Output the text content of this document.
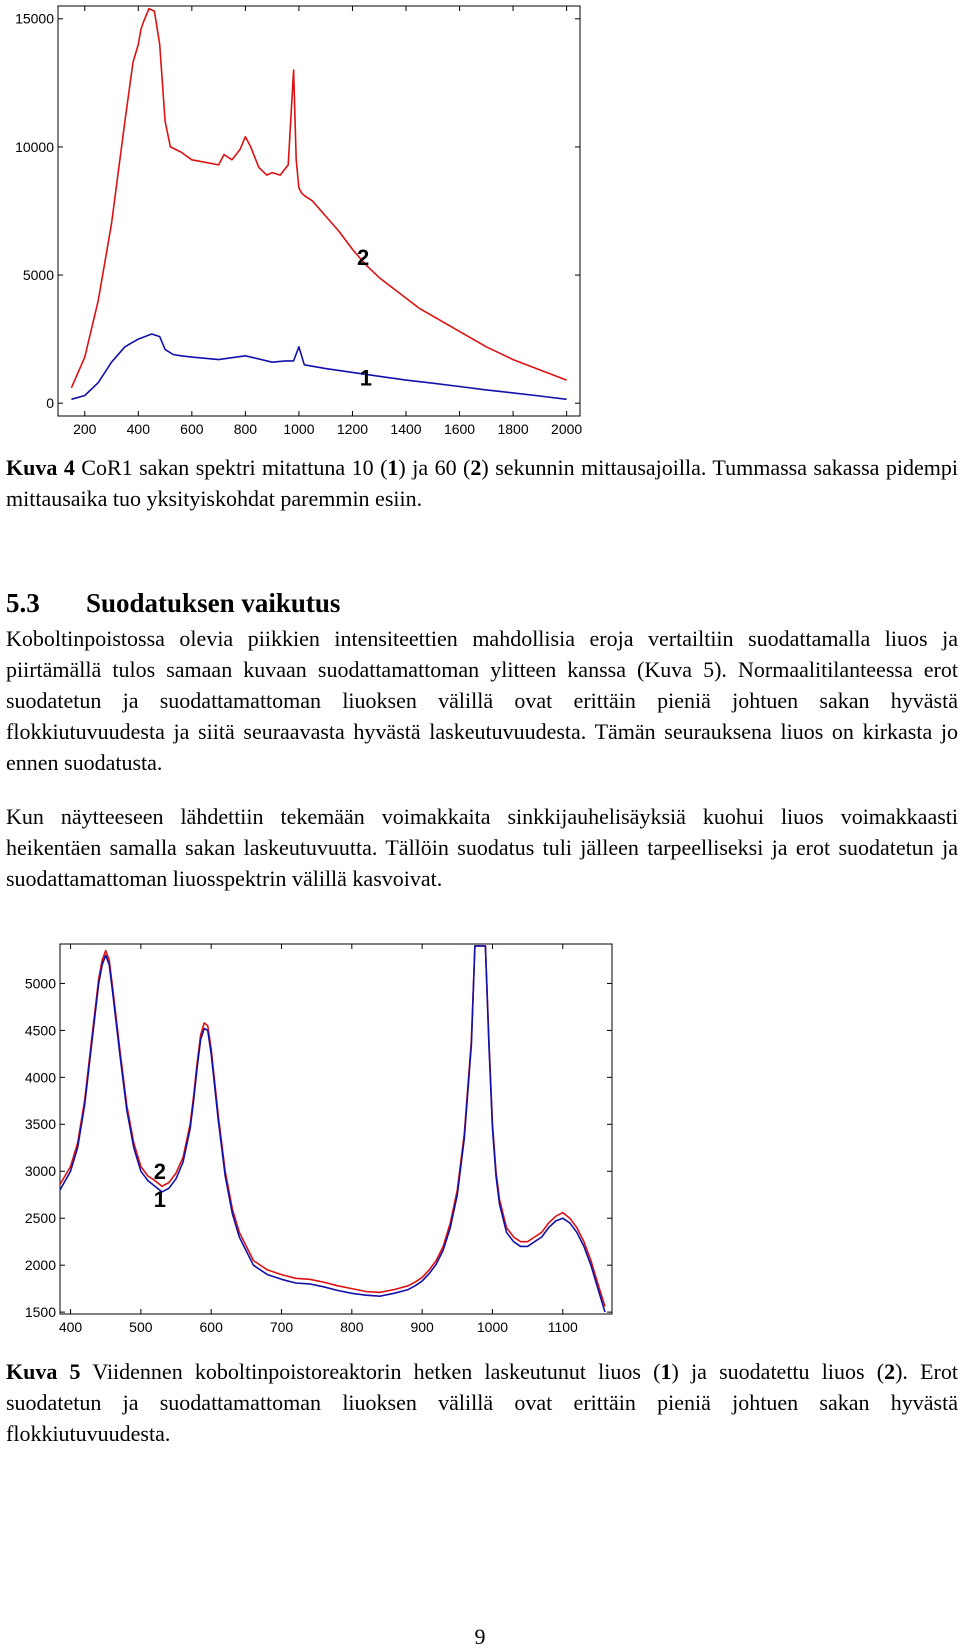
200 400 600 800 1000 1200 1400 1600 1800 2000
0
5000
10000
15000
2
1

Kuva 4 CoR1 sakan spektri mitattuna 10 (1) ja 60 (2) sekunnin mittausajoilla. Tummassa sakassa pidempi mittausaika tuo yksityiskohdat paremmin esiin.

5.3 Suodatuksen vaikutus

Koboltinpoistossa olevia piikkien intensiteettien mahdollisia eroja vertailtiin suodattamalla liuos ja piirtämällä tulos samaan kuvaan suodattamattoman ylitteen kanssa (Kuva 5). Normaalitilanteessa erot suodatetun ja suodattamattoman liuoksen välillä ovat erittäin pieniä johtuen sakan hyvästä flokkiutuvuudesta ja siitä seuraavasta hyvästä laskeutuvuudesta. Tämän seurauksena liuos on kirkasta jo ennen suodatusta.

Kun näytteeseen lähdettiin tekemään voimakkaita sinkkijauhelisäyksiä kuohui liuos voimakkaasti heikentäen samalla sakan laskeutuvuutta. Tällöin suodatus tuli jälleen tarpeelliseksi ja erot suodatetun ja suodattamattoman liuosspektrin välillä kasvoivat.

400	500	600	700	800	900	1000	1100
1500
2000
2500
3000
3500
4000
4500
5000
2
1

Kuva 5 Viidennen koboltinpoistoreaktorin hetken laskeutunut liuos (1) ja suodatettu liuos (2). Erot suodatetun ja suodattamattoman liuoksen välillä ovat erittäin pieniä johtuen sakan hyvästä flokkiutuvuudesta.

9
